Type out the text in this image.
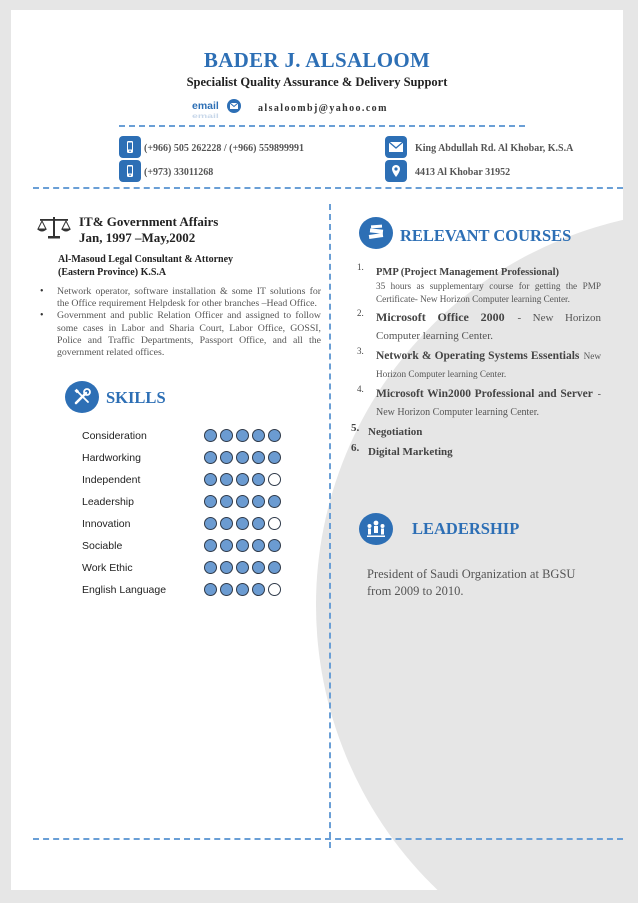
BADER J. ALSALOOM
Specialist Quality Assurance & Delivery Support
email
email
alsaloombj@yahoo.com
(+966) 505 262228 / (+966) 559899991
(+973) 33011268
King Abdullah Rd. Al Khobar, K.S.A
4413 Al Khobar 31952
IT& Government Affairs
Jan, 1997 –May,2002
Al-Masoud Legal Consultant & Attorney
(Eastern Province) K.S.A
• Network operator, software installation & some IT solutions for the Office requirement Helpdesk for other branches –Head Office.
• Government and public Relation Officer and assigned to follow some cases in Labor and Sharia Court, Labor Office, GOSSI, Police and Traffic Departments, Passport Office, and all the government related offices.
SKILLS
RELEVANT COURSES
1. PMP (Project Management Professional)
35 hours as supplementary course for getting the PMP Certificate- New Horizon Computer learning Center.
2. Microsoft Office 2000 - New Horizon Computer learning Center.
3. Network & Operating Systems Essentials New Horizon Computer learning Center.
4. Microsoft Win2000 Professional and Server - New Horizon Computer learning Center.
5. Negotiation
6. Digital Marketing
LEADERSHIP
President of Saudi Organization at BGSU from 2009 to 2010.
Consideration
Hardworking
Independent
Leadership
Innovation
Sociable
Work Ethic
English Language
